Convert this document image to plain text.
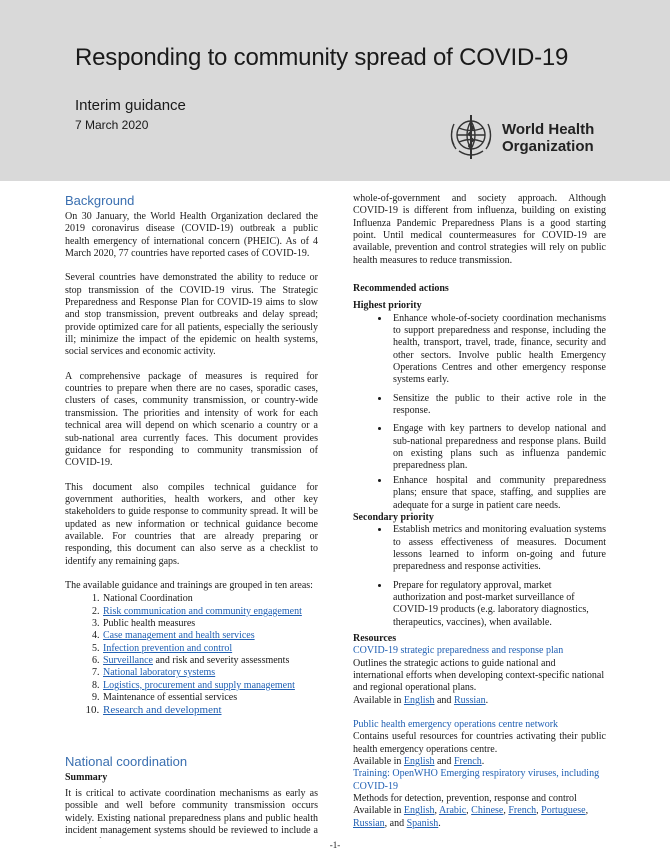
Responding to community spread of COVID-19
Interim guidance
7 March 2020	World Health
Organization
Background

On 30 January, the World Health Organization declared the 2019 coronavirus disease (COVID-19) outbreak a public health emergency of international concern (PHEIC). As of 4 March 2020, 77 countries have reported cases of COVID-19.

Several countries have demonstrated the ability to reduce or stop transmission of the COVID-19 virus. The Strategic Preparedness and Response Plan for COVID-19 aims to slow and stop transmission, prevent outbreaks and delay spread; provide optimized care for all patients, especially the seriously ill; minimize the impact of the epidemic on health systems, social services and economic activity.

A comprehensive package of measures is required for countries to prepare when there are no cases, sporadic cases, clusters of cases, community transmission, or country-wide transmission. The priorities and intensity of work for each technical area will depend on which scenario a country or a sub-national area currently faces. This document provides guidance for responding to community transmission of COVID-19.

This document also compiles technical guidance for government authorities, health workers, and other key stakeholders to guide response to community spread. It will be updated as new information or technical guidance become available. For countries that are already preparing or responding, this document can also serve as a checklist to identify any remaining gaps.

The available guidance and trainings are grouped in ten areas:

1. National Coordination
2. Risk communication and community engagement
3. Public health measures
4. Case management and health services
5. Infection prevention and control
6. Surveillance and risk and severity assessments
7. National laboratory systems
8. Logistics, procurement and supply management
9. Maintenance of essential services
10. Research and development
National coordination

Summary

It is critical to activate coordination mechanisms as early as possible and well before community transmission occurs widely. Existing national preparedness plans and public health incident management systems should be reviewed to include a

whole-of-government and society approach. Although COVID-19 is different from influenza, building on existing Influenza Pandemic Preparedness Plans is a good starting point. Until medical countermeasures for COVID-19 are available, prevention and control strategies will rely on public health measures to reduce transmission.

Recommended actions

Highest priority

• Enhance whole-of-society coordination mechanisms to support preparedness and response, including the health, transport, travel, trade, finance, security and other sectors. Involve public health Emergency Operations Centres and other emergency response systems early.
• Sensitize the public to their active role in the response.
• Engage with key partners to develop national and sub-national preparedness and response plans. Build on existing plans such as influenza pandemic preparedness plan.
• Enhance hospital and community preparedness plans; ensure that space, staffing, and supplies are adequate for a surge in patient care needs.

Secondary priority

• Establish metrics and monitoring evaluation systems to assess effectiveness of measures. Document lessons learned to inform on-going and future preparedness and response activities.
• Prepare for regulatory approval, market authorization and post-market surveillance of COVID-19 products (e.g. laboratory diagnostics, therapeutics, vaccines), when available.

Resources

COVID-19 strategic preparedness and response plan

Outlines the strategic actions to guide national and international efforts when developing context-specific national and regional operational plans.

Available in English and Russian.

Public health emergency operations centre network

Contains useful resources for countries activating their public health emergency operations centre.

Available in English and French.

Training: OpenWHO Emerging respiratory viruses, including COVID-19

Methods for detection, prevention, response and control

Available in English, Arabic, Chinese, French, Portuguese, Russian, and Spanish.

-1-
